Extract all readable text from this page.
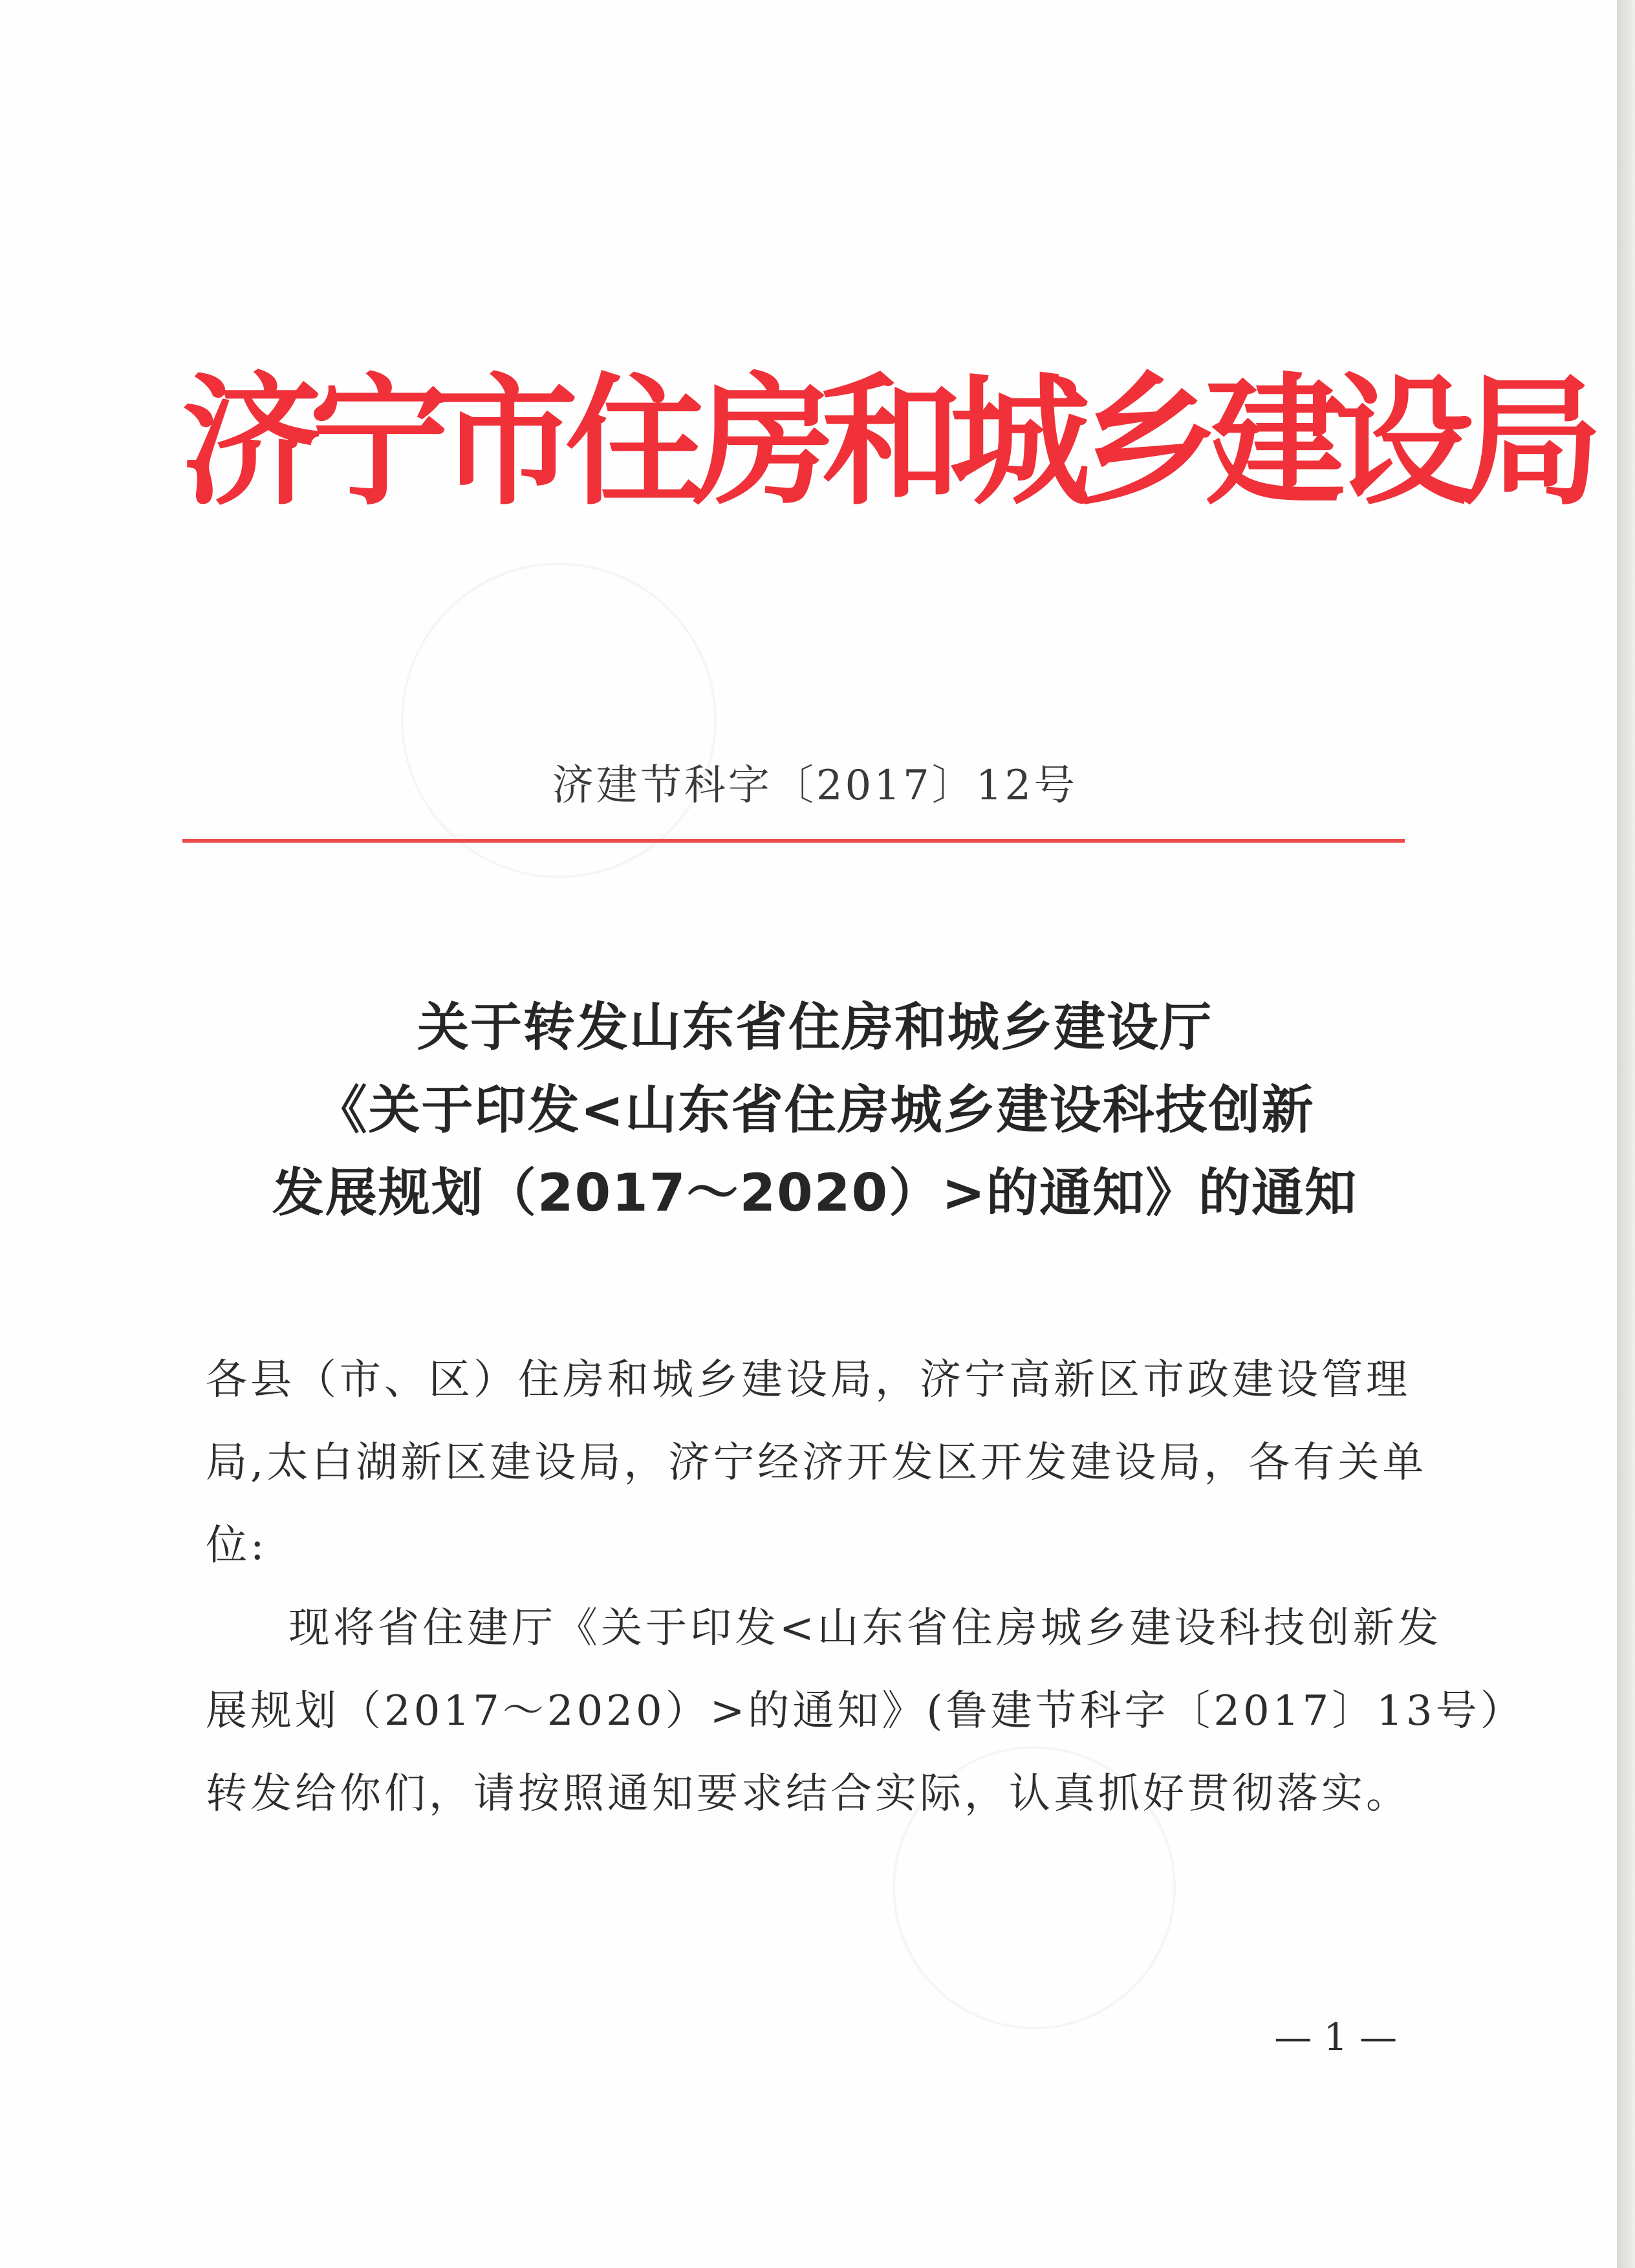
济宁市住房和城乡建设局
济建节科字〔2017〕12号
关于转发山东省住房和城乡建设厅
《关于印发<山东省住房城乡建设科技创新
发展规划（2017～2020）>的通知》的通知
各县（市、区）住房和城乡建设局，济宁高新区市政建设管理
局,太白湖新区建设局，济宁经济开发区开发建设局，各有关单
位:
现将省住建厅《关于印发<山东省住房城乡建设科技创新发
展规划（2017～2020）>的通知》(鲁建节科字〔2017〕13号）
转发给你们，请按照通知要求结合实际，认真抓好贯彻落实。
— 1 —
